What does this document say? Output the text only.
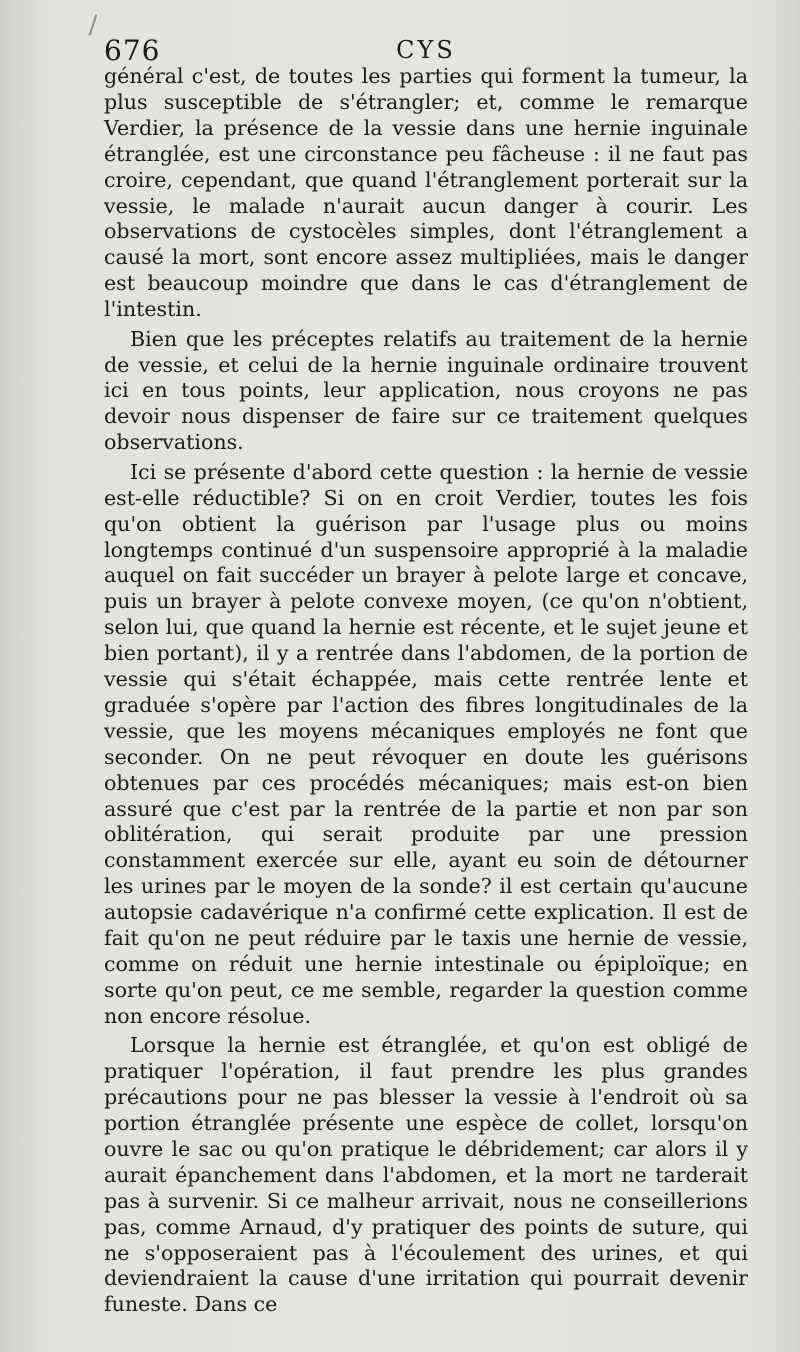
676	CYS

général c'est, de toutes les parties qui forment la tumeur, la plus susceptible de s'étrangler; et, comme le remarque Verdier, la présence de la vessie dans une hernie inguinale étranglée, est une circonstance peu fâcheuse : il ne faut pas croire, cependant, que quand l'étranglement porterait sur la vessie, le malade n'aurait aucun danger à courir. Les observations de cystocèles simples, dont l'étranglement a causé la mort, sont encore assez multipliées, mais le danger est beaucoup moindre que dans le cas d'étranglement de l'intestin.

Bien que les préceptes relatifs au traitement de la hernie de vessie, et celui de la hernie inguinale ordinaire trouvent ici en tous points, leur application, nous croyons ne pas devoir nous dispenser de faire sur ce traitement quelques observations.

Ici se présente d'abord cette question : la hernie de vessie est-elle réductible? Si on en croit Verdier, toutes les fois qu'on obtient la guérison par l'usage plus ou moins longtemps continué d'un suspensoire approprié à la maladie auquel on fait succéder un brayer à pelote large et concave, puis un brayer à pelote convexe moyen, (ce qu'on n'obtient, selon lui, que quand la hernie est récente, et le sujet jeune et bien portant), il y a rentrée dans l'abdomen, de la portion de vessie qui s'était échappée, mais cette rentrée lente et graduée s'opère par l'action des fibres longitudinales de la vessie, que les moyens mécaniques employés ne font que seconder. On ne peut révoquer en doute les guérisons obtenues par ces procédés mécaniques; mais est-on bien assuré que c'est par la rentrée de la partie et non par son oblitération, qui serait produite par une pression constamment exercée sur elle, ayant eu soin de détourner les urines par le moyen de la sonde? il est certain qu'aucune autopsie cadavérique n'a confirmé cette explication. Il est de fait qu'on ne peut réduire par le taxis une hernie de vessie, comme on réduit une hernie intestinale ou épiploïque; en sorte qu'on peut, ce me semble, regarder la question comme non encore résolue.

Lorsque la hernie est étranglée, et qu'on est obligé de pratiquer l'opération, il faut prendre les plus grandes précautions pour ne pas blesser la vessie à l'endroit où sa portion étranglée présente une espèce de collet, lorsqu'on ouvre le sac ou qu'on pratique le débridement; car alors il y aurait épanchement dans l'abdomen, et la mort ne tarderait pas à survenir. Si ce malheur arrivait, nous ne conseillerions pas, comme Arnaud, d'y pratiquer des points de suture, qui ne s'opposeraient pas à l'écoulement des urines, et qui deviendraient la cause d'une irritation qui pourrait devenir funeste. Dans ce
